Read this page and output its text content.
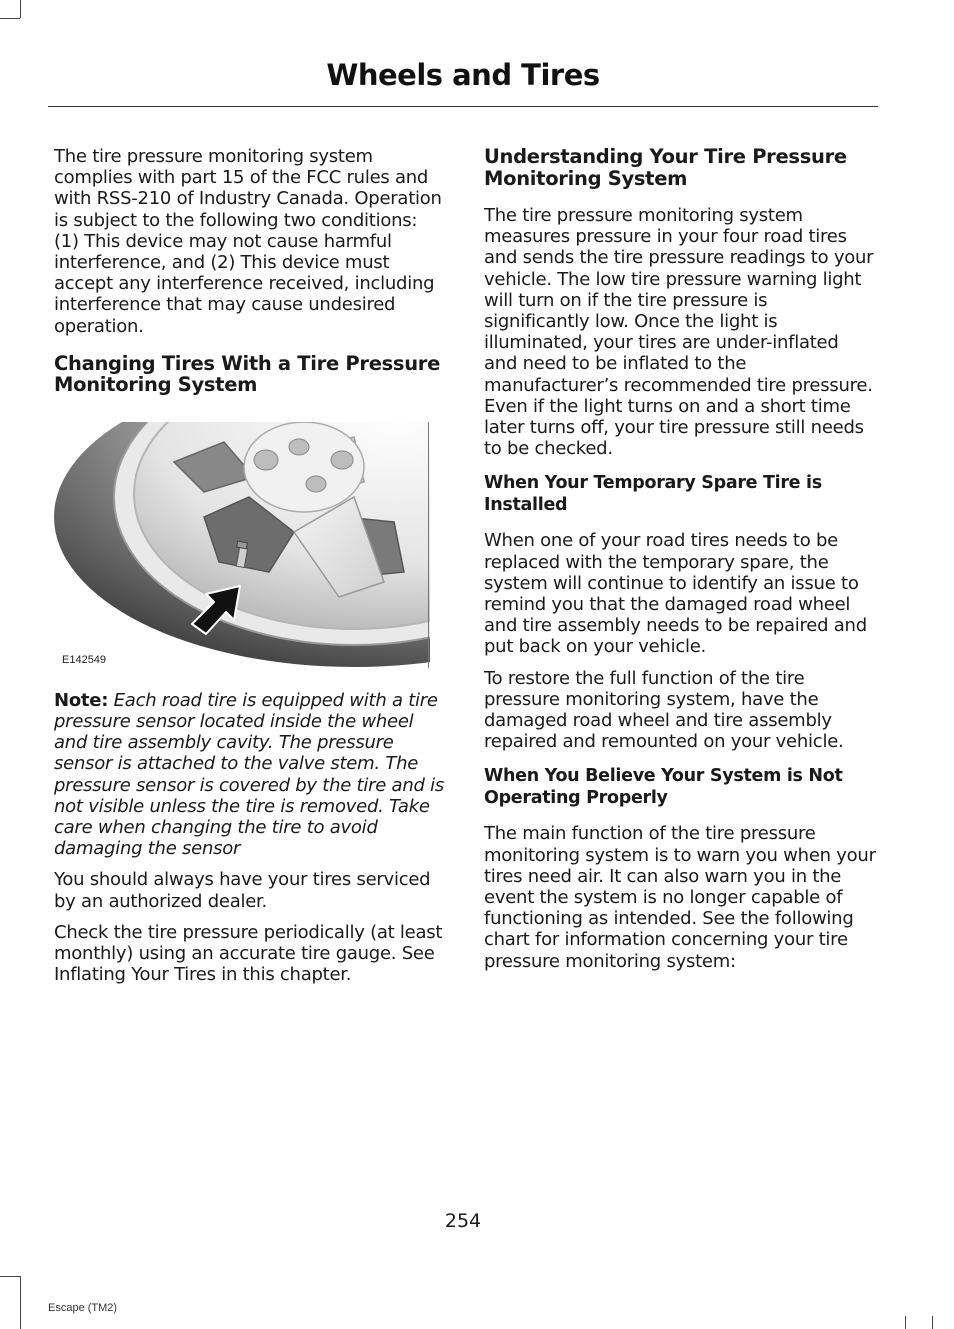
Wheels and Tires

The tire pressure monitoring system complies with part 15 of the FCC rules and with RSS-210 of Industry Canada. Operation is subject to the following two conditions: (1) This device may not cause harmful interference, and (2) This device must accept any interference received, including interference that may cause undesired operation.

Changing Tires With a Tire Pressure Monitoring System
E142549

Note: Each road tire is equipped with a tire pressure sensor located inside the wheel and tire assembly cavity. The pressure sensor is attached to the valve stem. The pressure sensor is covered by the tire and is not visible unless the tire is removed. Take care when changing the tire to avoid damaging the sensor

You should always have your tires serviced by an authorized dealer.

Check the tire pressure periodically (at least monthly) using an accurate tire gauge. See Inflating Your Tires in this chapter.

Understanding Your Tire Pressure Monitoring System

The tire pressure monitoring system measures pressure in your four road tires and sends the tire pressure readings to your vehicle. The low tire pressure warning light will turn on if the tire pressure is significantly low. Once the light is illuminated, your tires are under-inflated and need to be inflated to the manufacturer’s recommended tire pressure. Even if the light turns on and a short time later turns off, your tire pressure still needs to be checked.

When Your Temporary Spare Tire is Installed

When one of your road tires needs to be replaced with the temporary spare, the system will continue to identify an issue to remind you that the damaged road wheel and tire assembly needs to be repaired and put back on your vehicle.

To restore the full function of the tire pressure monitoring system, have the damaged road wheel and tire assembly repaired and remounted on your vehicle.

When You Believe Your System is Not Operating Properly

The main function of the tire pressure monitoring system is to warn you when your tires need air. It can also warn you in the event the system is no longer capable of functioning as intended. See the following chart for information concerning your tire pressure monitoring system:

254
Escape (TM2)
